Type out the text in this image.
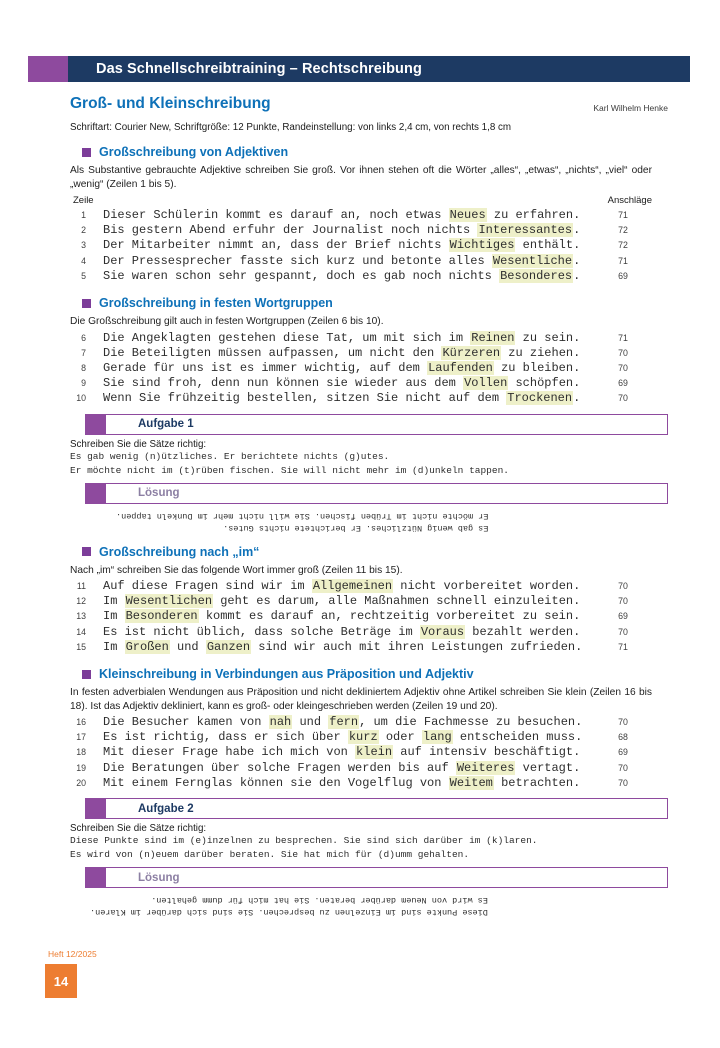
Das Schnellschreibtraining – Rechtschreibung
Groß- und Kleinschreibung	Karl Wilhelm Henke

Schriftart: Courier New, Schriftgröße: 12 Punkte, Randeinstellung: von links 2,4 cm, von rechts 1,8 cm

Großschreibung von Adjektiven

Als Substantive gebrauchte Adjektive schreiben Sie groß. Vor ihnen stehen oft die Wörter „alles“, „etwas“, „nichts“, „viel“ oder „wenig“ (Zeilen 1 bis 5).

Zeile	Anschläge
1 Dieser Schülerin kommt es darauf an, noch etwas Neues zu erfahren.	71
2 Bis gestern Abend erfuhr der Journalist noch nichts Interessantes.	72
3 Der Mitarbeiter nimmt an, dass der Brief nichts Wichtiges enthält.	72
4 Der Pressesprecher fasste sich kurz und betonte alles Wesentliche.	71
5 Sie waren schon sehr gespannt, doch es gab noch nichts Besonderes.	69
Großschreibung in festen Wortgruppen

Die Großschreibung gilt auch in festen Wortgruppen (Zeilen 6 bis 10).

6 Die Angeklagten gestehen diese Tat, um mit sich im Reinen zu sein.	71
7 Die Beteiligten müssen aufpassen, um nicht den Kürzeren zu ziehen.	70
8 Gerade für uns ist es immer wichtig, auf dem Laufenden zu bleiben.	70
9 Sie sind froh, denn nun können sie wieder aus dem Vollen schöpfen.	69
10 Wenn Sie frühzeitig bestellen, sitzen Sie nicht auf dem Trockenen.	70
Aufgabe 1

Schreiben Sie die Sätze richtig:

Es gab wenig (n)ützliches. Er berichtete nichts (g)utes.

Er möchte nicht im (t)rüben fischen. Sie will nicht mehr im (d)unkeln tappen.

Lösung
Es gab wenig Nützliches. Er berichtete nichts Gutes.
Er möchte nicht im Trüben fischen. Sie will nicht mehr im Dunkeln tappen.
Großschreibung nach „im“

Nach „im“ schreiben Sie das folgende Wort immer groß (Zeilen 11 bis 15).

11 Auf diese Fragen sind wir im Allgemeinen nicht vorbereitet worden.	70
12 Im Wesentlichen geht es darum, alle Maßnahmen schnell einzuleiten.	70
13 Im Besonderen kommt es darauf an, rechtzeitig vorbereitet zu sein.	69
14 Es ist nicht üblich, dass solche Beträge im Voraus bezahlt werden.	70
15 Im Großen und Ganzen sind wir auch mit ihren Leistungen zufrieden.	71
Kleinschreibung in Verbindungen aus Präposition und Adjektiv

In festen adverbialen Wendungen aus Präposition und nicht dekliniertem Adjektiv ohne Artikel schreiben Sie klein (Zeilen 16 bis 18). Ist das Adjektiv dekliniert, kann es groß- oder kleingeschrieben werden (Zeilen 19 und 20).

16 Die Besucher kamen von nah und fern, um die Fachmesse zu besuchen.	70
17 Es ist richtig, dass er sich über kurz oder lang entscheiden muss.	68
18 Mit dieser Frage habe ich mich von klein auf intensiv beschäftigt.	69
19 Die Beratungen über solche Fragen werden bis auf Weiteres vertagt.	70
20 Mit einem Fernglas können sie den Vogelflug von Weitem betrachten.	70
Aufgabe 2

Schreiben Sie die Sätze richtig:

Diese Punkte sind im (e)inzelnen zu besprechen. Sie sind sich darüber im (k)laren.

Es wird von (n)euem darüber beraten. Sie hat mich für (d)umm gehalten.

Lösung
Diese Punkte sind im Einzelnen zu besprechen. Sie sind sich darüber im Klaren.
Es wird von Neuem darüber beraten. Sie hat mich für dumm gehalten.
Heft 12/2025
14
